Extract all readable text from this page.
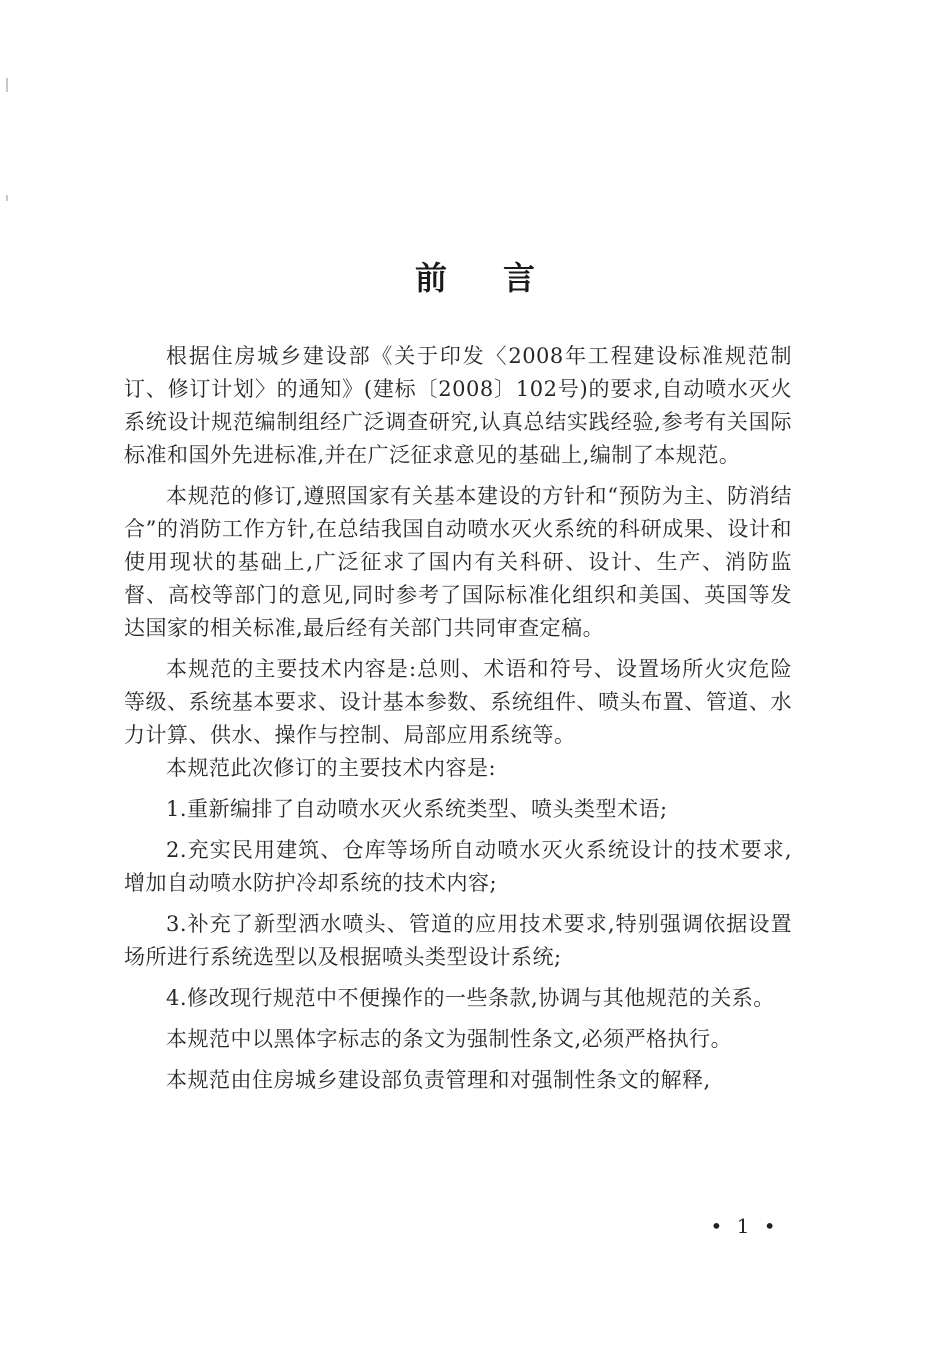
前言

根据住房城乡建设部《关于印发〈2008年工程建设标准规范制订、修订计划〉的通知》(建标〔2008〕102号)的要求,自动喷水灭火系统设计规范编制组经广泛调查研究,认真总结实践经验,参考有关国际标准和国外先进标准,并在广泛征求意见的基础上,编制了本规范。

本规范的修订,遵照国家有关基本建设的方针和“预防为主、防消结合”的消防工作方针,在总结我国自动喷水灭火系统的科研成果、设计和使用现状的基础上,广泛征求了国内有关科研、设计、生产、消防监督、高校等部门的意见,同时参考了国际标准化组织和美国、英国等发达国家的相关标准,最后经有关部门共同审查定稿。

本规范的主要技术内容是:总则、术语和符号、设置场所火灾危险等级、系统基本要求、设计基本参数、系统组件、喷头布置、管道、水力计算、供水、操作与控制、局部应用系统等。

本规范此次修订的主要技术内容是:

1.重新编排了自动喷水灭火系统类型、喷头类型术语;

2.充实民用建筑、仓库等场所自动喷水灭火系统设计的技术要求,增加自动喷水防护冷却系统的技术内容;

3.补充了新型洒水喷头、管道的应用技术要求,特别强调依据设置场所进行系统选型以及根据喷头类型设计系统;

4.修改现行规范中不便操作的一些条款,协调与其他规范的关系。

本规范中以黑体字标志的条文为强制性条文,必须严格执行。

本规范由住房城乡建设部负责管理和对强制性条文的解释,

• 1 •
